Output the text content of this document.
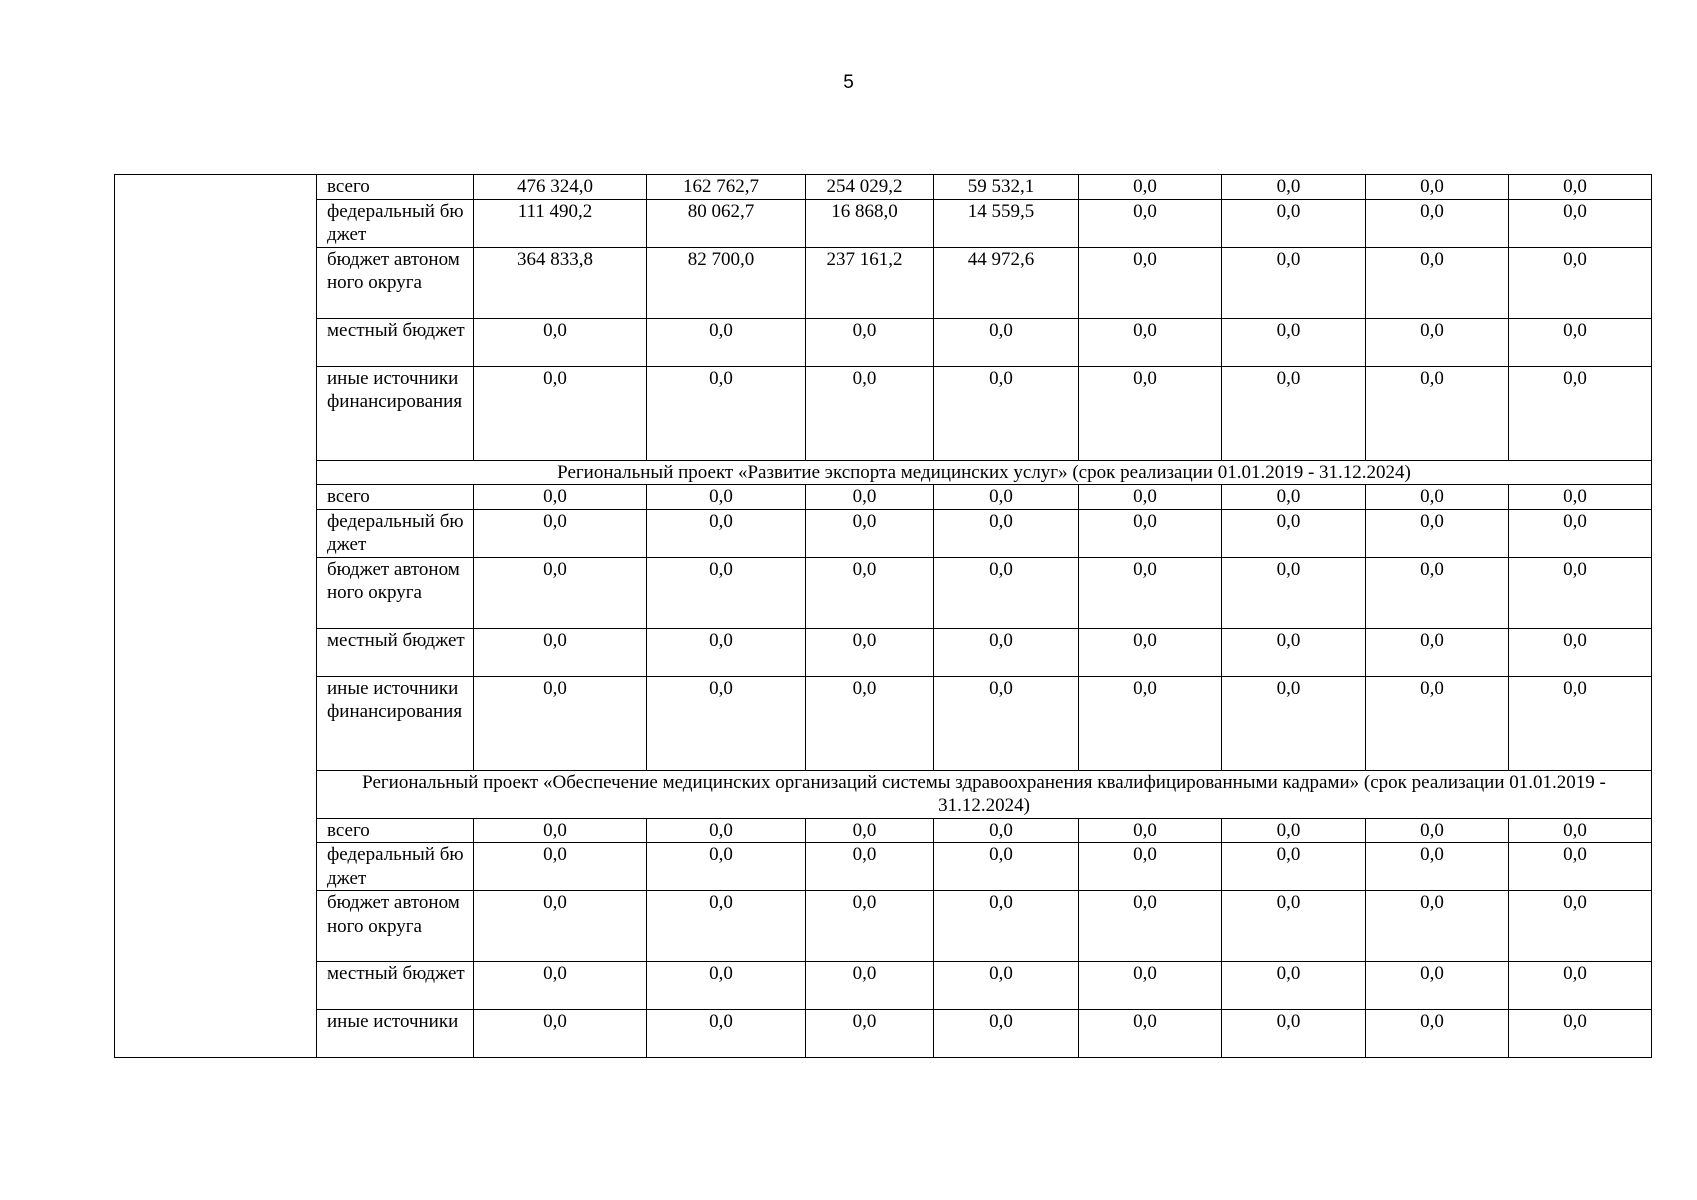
5
	всего	476 324,0	162 762,7	254 029,2	59 532,1	0,0	0,0	0,0	0,0
	федеральный бюджет	111 490,2	80 062,7	16 868,0	14 559,5	0,0	0,0	0,0	0,0
	бюджет автономного округа	364 833,8	82 700,0	237 161,2	44 972,6	0,0	0,0	0,0	0,0
	местный бюджет	0,0	0,0	0,0	0,0	0,0	0,0	0,0	0,0
	иные источники финансирования	0,0	0,0	0,0	0,0	0,0	0,0	0,0	0,0
	Региональный проект «Развитие экспорта медицинских услуг» (срок реализации 01.01.2019 - 31.12.2024)								
	всего	0,0	0,0	0,0	0,0	0,0	0,0	0,0	0,0
	федеральный бюджет	0,0	0,0	0,0	0,0	0,0	0,0	0,0	0,0
	бюджет автономного округа	0,0	0,0	0,0	0,0	0,0	0,0	0,0	0,0
	местный бюджет	0,0	0,0	0,0	0,0	0,0	0,0	0,0	0,0
	иные источники финансирования	0,0	0,0	0,0	0,0	0,0	0,0	0,0	0,0
	Региональный проект «Обеспечение медицинских организаций системы здравоохранения квалифицированными кадрами» (срок реализации 01.01.2019 - 31.12.2024)								
	всего	0,0	0,0	0,0	0,0	0,0	0,0	0,0	0,0
	федеральный бюджет	0,0	0,0	0,0	0,0	0,0	0,0	0,0	0,0
	бюджет автономного округа	0,0	0,0	0,0	0,0	0,0	0,0	0,0	0,0
	местный бюджет	0,0	0,0	0,0	0,0	0,0	0,0	0,0	0,0
	иные источники	0,0	0,0	0,0	0,0	0,0	0,0	0,0	0,0
